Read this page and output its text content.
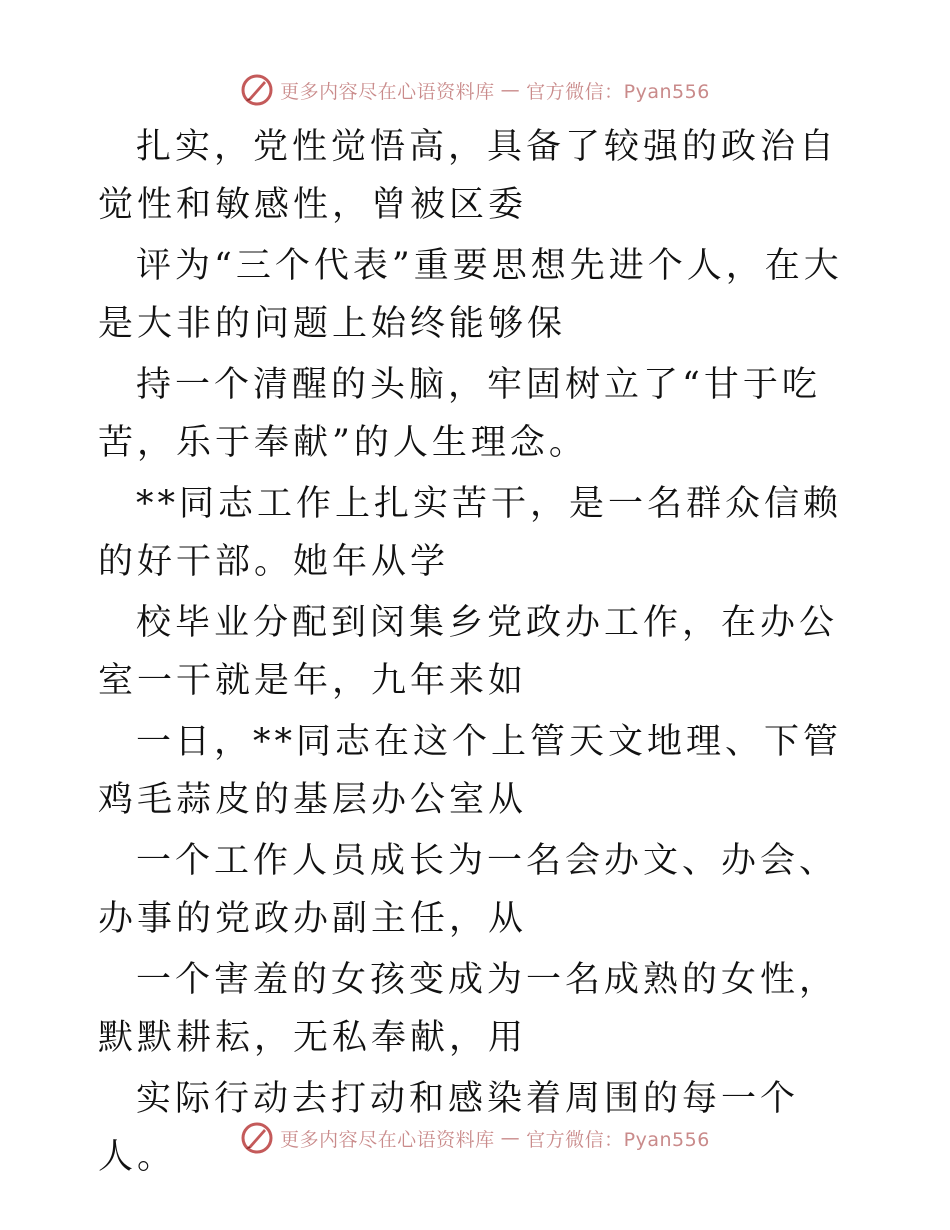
更多内容尽在心语资料库 — 官方微信：Pyan556

扎实，党性觉悟高，具备了较强的政治自觉性和敏感性，曾被区委

评为“三个代表”重要思想先进个人，在大是大非的问题上始终能够保

持一个清醒的头脑，牢固树立了“甘于吃苦，乐于奉献”的人生理念。

**同志工作上扎实苦干，是一名群众信赖的好干部。她年从学

校毕业分配到闵集乡党政办工作，在办公室一干就是年，九年来如

一日，**同志在这个上管天文地理、下管鸡毛蒜皮的基层办公室从

一个工作人员成长为一名会办文、办会、办事的党政办副主任，从

一个害羞的女孩变成为一名成熟的女性，默默耕耘，无私奉献，用

实际行动去打动和感染着周围的每一个人。	更多内容尽在心语资料库 — 官方微信：Pyan556
